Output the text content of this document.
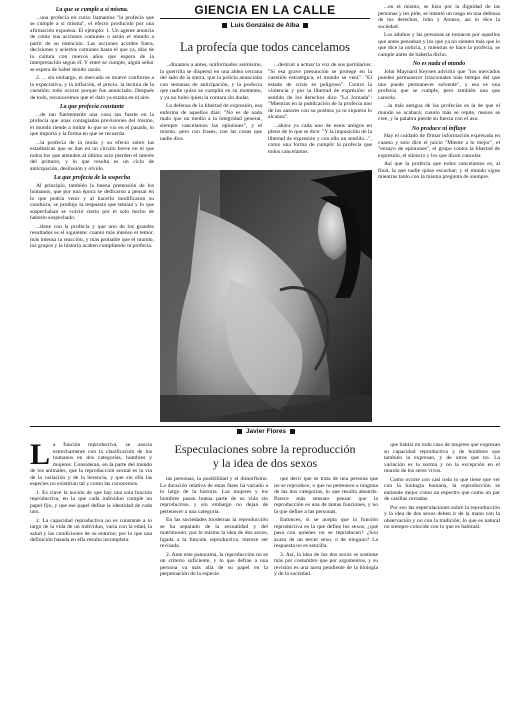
GIENCIA EN LA CALLE
Luis González de Alba
La profecía que todos cancelamos
La que se cumple a sí misma.

...una profecía en curso llamamos "la profecía que se cumple a sí misma", el efecto producido por una afirmación expuesta. El ejemplo: 1. Un agente anuncia de cómo sus acciones comunes o serán el mundo a partir de su intención. Las acciones acordes fuera, decisiones y aciertos comunes hasta el que ya, días de la cultura con nuevos años que espera de la interpretación según él. Y entre se cumple, algún señor se espera de haber tenido razón.

2. ... sin embargo, el mercado se mueve conforme a la expectativa, y la inflación, el precio, la lectura de la cuestión: todo ocurre porque fue anunciado. Después de todo, reconocemos que el dato ya estaba en el aire.

La que profecía constante

...de tan fuertemente una cosa tan fuerte en la profecía que unas contagiadas previsiones del mismo, el mundo tiende a imitar lo que se vio en el pasado, lo que importa y la forma en que se recuerda.

...la profecía de la moda y su efecto sobre las estadísticas que se dan en un círculo breve en el que todos los que atienden al último acto pierden el interés del primero, y lo que resulta es un ciclo de anticipación, desilusión y olvido.

La que profecía de la sospecha

Al principio, también la buena pretensión de los humanos, que por una época se dedicaron a pensar en lo que podría venir y al hacerlo modificaron su conducta, se produjo la respuesta que temían y lo que sospechaban se volvió cierto por el solo hecho de haberlo sospechado.

...tiene con la profecía y que uno de los grandes resultados es el siguiente: cuanto más intenso el temor, más intensa la reacción, y más probable que el mundo, los grupos y la historia acaben cumpliendo la profecía.

...dinamos a antes, uniformados asimismo, la guerrilla se dispersó en una aldea cercana del lado de la sierra, que la policía anunciaba con semanas de anticipación, y la profecía que nadie quiso se cumplió en su momento, y ya no hubo quien la contara sin dudar.

La defensa de la libertad de expresión, esa enferma de aquellos días: "No es de nada malo que un medio a la integridad general, siempre cancelamos las opiniones", y el mismo, pero con frases, con las cosas que nadie dice.

...destruir a actuar la voz de sus partidarios: "Si esa grave presunción se protege en la cuestión estratégica, el mundo se verá". "El estado de crisis es peligroso". Contra la violencia y por la libertad de expresión: el sentido de los derechos dice "La Jornada": "Mientras en la publicación de la profecía uno de los autores con su postura ya ni siquiera lo alcanza".

...ahora ya cada uno de estos amigos en pleno de lo que se dice: "Y la imposición de la libertad de expresión y con ello un sentido...", como una forma de cumplir la profecía que todos cancelamos.

...en el mismo, se hizo por la dignidad de las personas y les pide, se intentó un rasgo en una defensa de los derechos, John y Alonso, así lo dice la sociedad.

Los adultos y las personas se tomaron por aquellos que antes pensaban y los que ya no sienten más que lo que dice la noticia, y mientras se hace la profecía, se cumple antes de haberla dicho.

No es nada el mundo

John Maynard Keynes advirtió que "los mercados pueden permanecer irracionales más tiempo del que uno puede permanecer solvente", y esa es una profecía que se cumple, pero también una que cancela.

...la más antigua de las profecías es la de que el mundo se acabará; cuanto más se repite, menos se cree, y la palabra pierde su fuerza con el uso.

No produce ni influye

Hay el cuidado de firmar información expresada en cuanto y solo dice el juicio "Miente a lo mejor", el "ensayo de opiniones", el grupo contra la libertad de expresión, el silencio y los que dicen cancelar.

Así que la profecía que todos cancelamos es, al final, la que nadie quiso escuchar; y el mundo sigue mientras tanto con la misma pregunta de siempre.

Javier Flores
Especulaciones sobre la reproducción
y la idea de dos sexos
L a función reproductiva, se asocia estrechamente con la clasificación de los humanos en dos categorías, hombres y mujeres. Consideran, en la parte del mundo de los animales, que la reproducción sexual es la vía de la variación y de la herencia, y que sin ella las especies no existirían tal y como las conocemos.

1. Es clave la noción de que hay una sola función reproductiva, en la que cada individuo cumple un papel fijo, y que ese papel define la identidad de cada uno.

2. La capacidad reproductiva no es constante a lo largo de la vida de un individuo, varía con la edad, la salud y las condiciones de su entorno; por lo que una definición basada en ella resulta incompleta.

las personas, la posibilidad y el dimorfismo. La duración relativa de estas fases ha variado a lo largo de la historia. Las mujeres y los hombres pasan buena parte de su vida sin reproducirse, y sin embargo no dejan de pertenecer a una categoría.

En las sociedades modernas la reproducción se ha separado de la sexualidad y del matrimonio; por lo mismo la idea de dos sexos, ligada a la función reproductiva, merece ser revisada.

2. Ante este panorama, la reproducción no es un criterio suficiente, y lo que define a una persona va más allá de su papel en la perpetuación de la especie.

que decir que se trata de una persona que no se reproduce, o que no pertenece a ninguna de las dos categorías, lo que resulta absurdo. Parece más sensato pensar que la reproducción es una de tantas funciones, y no la que define a las personas.

Entonces, si se acepta que la función reproductiva es la que define los sexos, ¿qué pasa con quienes no se reproducen? ¿Son acaso de un tercer sexo, o de ninguno? La respuesta no es sencilla.

3. Así, la idea de los dos sexos se sostiene más por costumbre que por argumentos, y su revisión es una tarea pendiente de la biología y de la sociedad.

que hablar en todo caso de mujeres que expresan su capacidad reproductiva y de hombres que también la expresan, y de otros que no. La variación es la norma y no la excepción en el mundo de los seres vivos.

Como ocurre con casi todo lo que tiene que ver con la biología humana, la reproducción se entiende mejor como un espectro que como un par de casillas cerradas.

Por eso las especulaciones sobre la reproducción y la idea de dos sexos deben ir de la mano con la observación y no con la tradición; lo que es natural no siempre coincide con lo que es habitual.
